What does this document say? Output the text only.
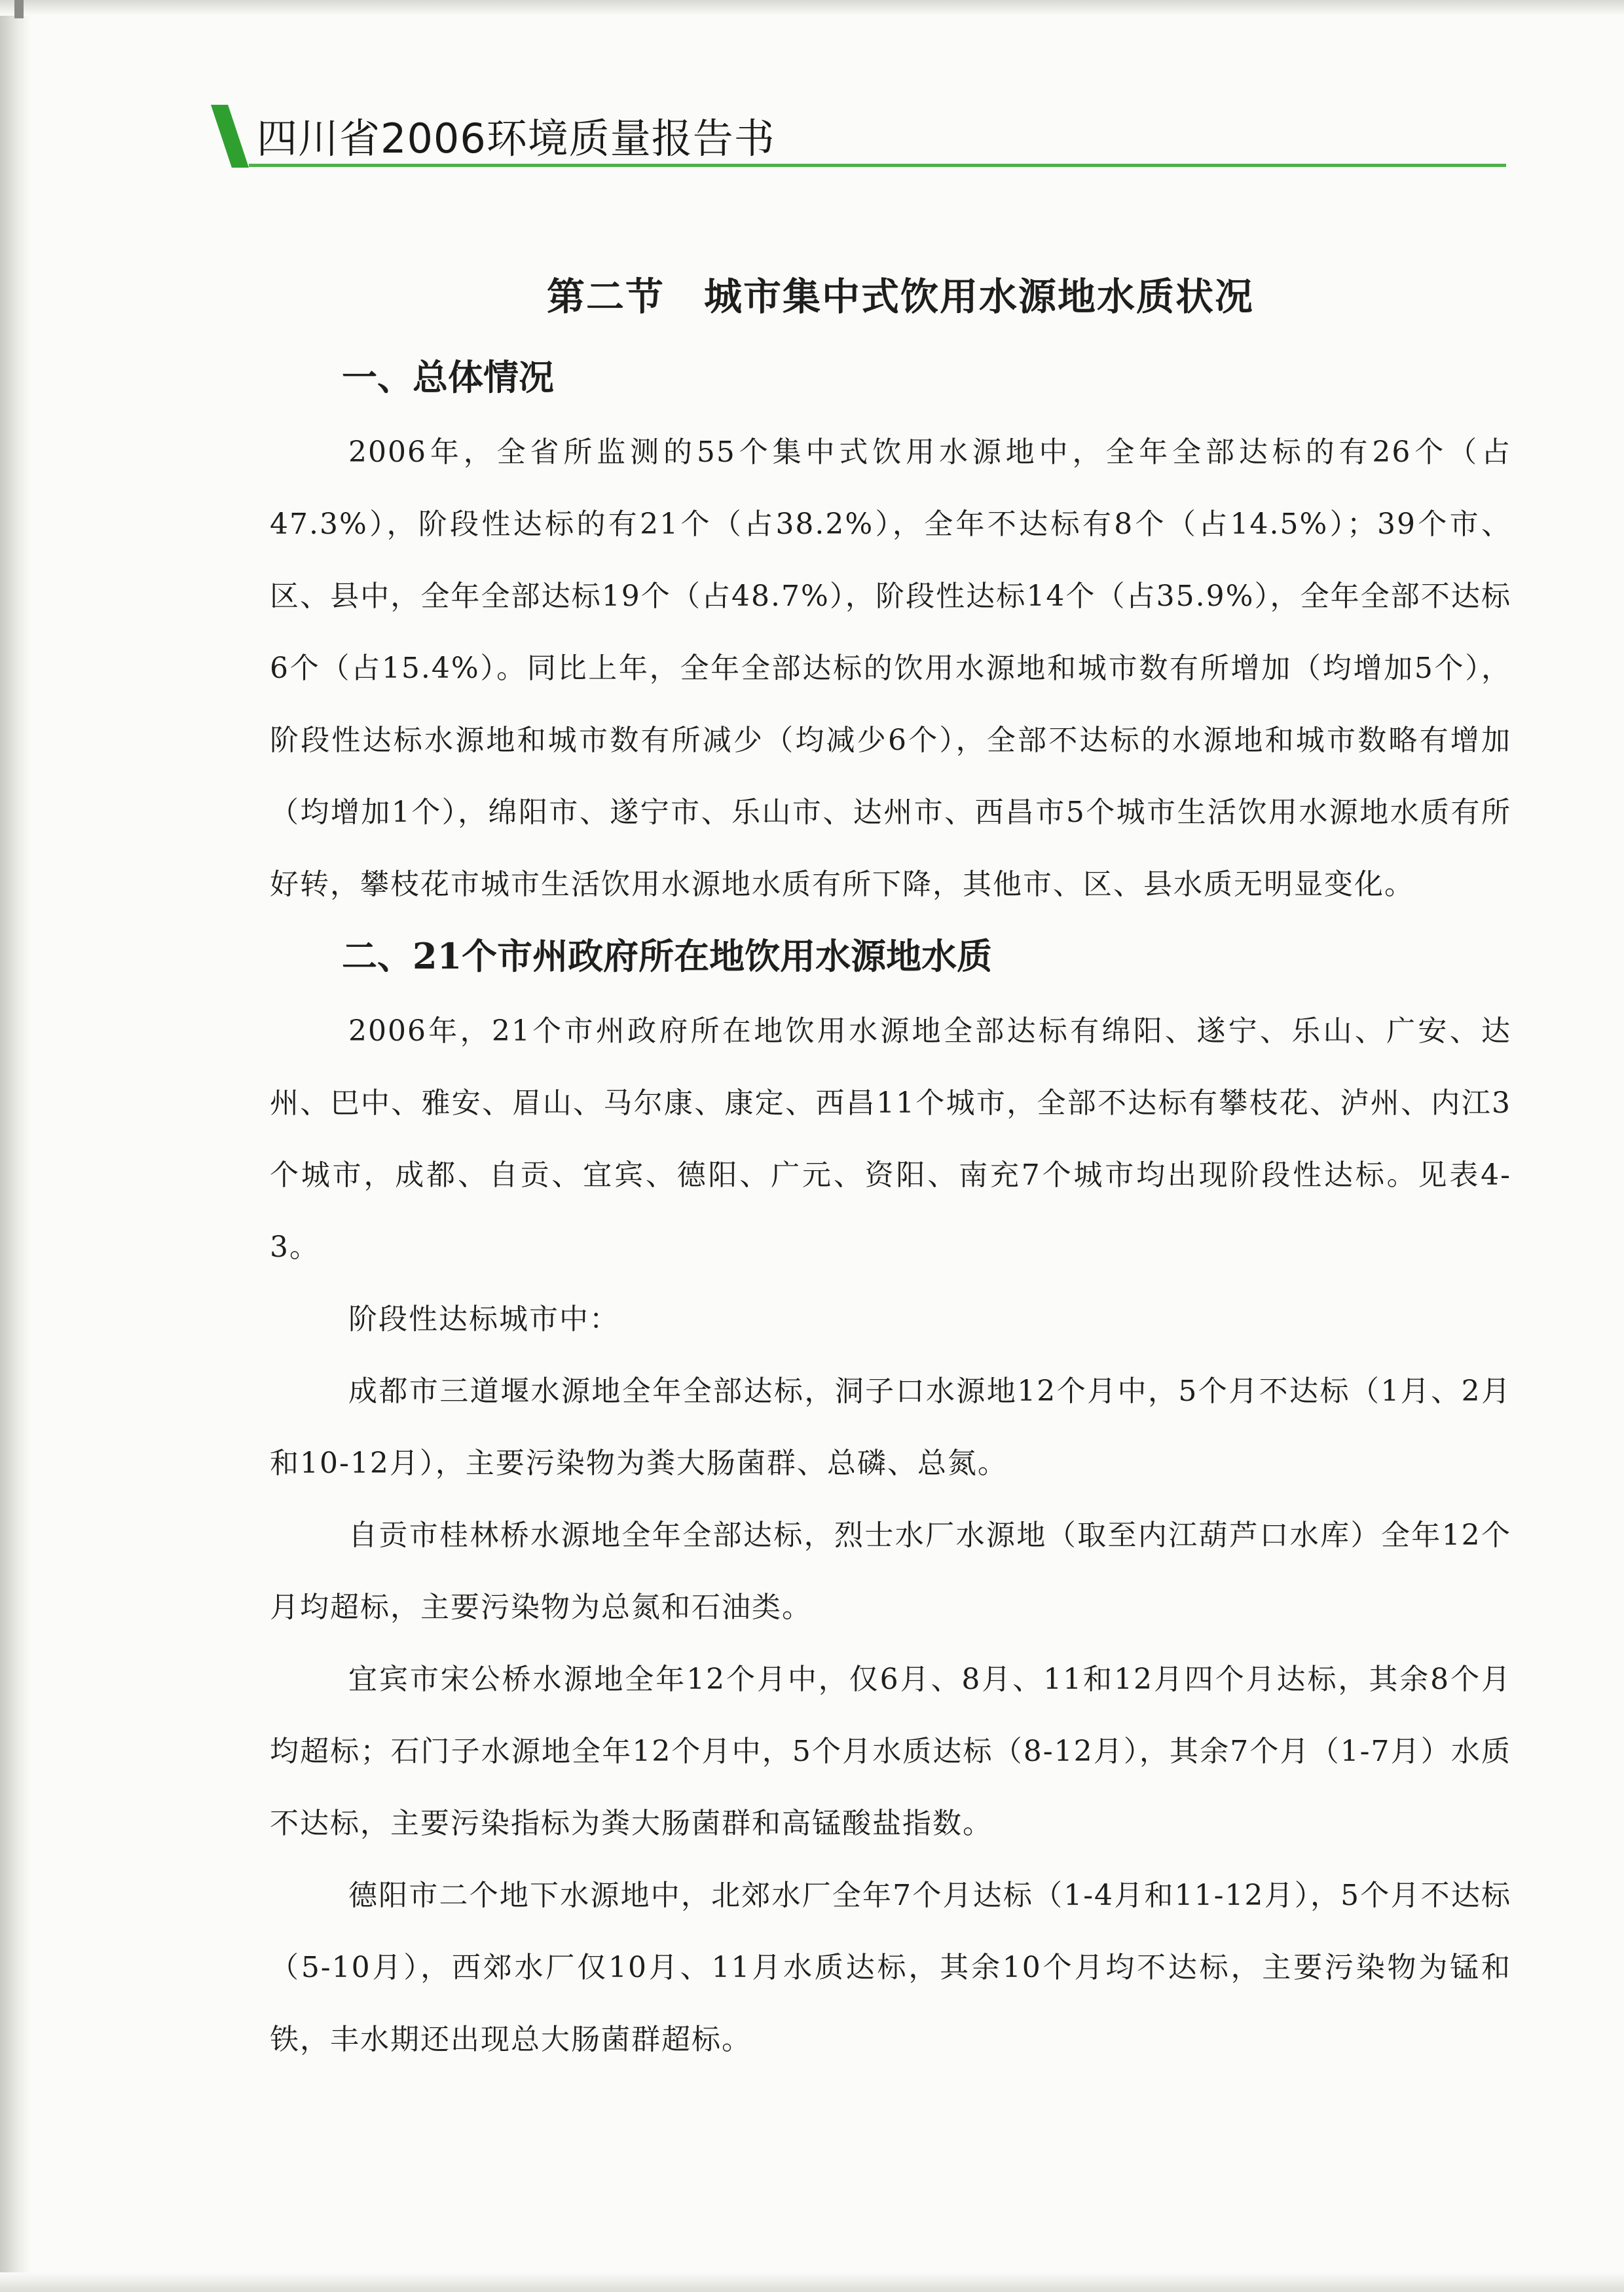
四川省2006环境质量报告书
第二节　城市集中式饮用水源地水质状况
一、总体情况

2006年，全省所监测的55个集中式饮用水源地中，全年全部达标的有26个（占47.3%），阶段性达标的有21个（占38.2%），全年不达标有8个（占14.5%）；39个市、区、县中，全年全部达标19个（占48.7%），阶段性达标14个（占35.9%），全年全部不达标6个（占15.4%）。同比上年，全年全部达标的饮用水源地和城市数有所增加（均增加5个），阶段性达标水源地和城市数有所减少（均减少6个），全部不达标的水源地和城市数略有增加（均增加1个），绵阳市、遂宁市、乐山市、达州市、西昌市5个城市生活饮用水源地水质有所好转，攀枝花市城市生活饮用水源地水质有所下降，其他市、区、县水质无明显变化。

二、21个市州政府所在地饮用水源地水质

2006年，21个市州政府所在地饮用水源地全部达标有绵阳、遂宁、乐山、广安、达州、巴中、雅安、眉山、马尔康、康定、西昌11个城市，全部不达标有攀枝花、泸州、内江3个城市，成都、自贡、宜宾、德阳、广元、资阳、南充7个城市均出现阶段性达标。见表4-3。

阶段性达标城市中：

成都市三道堰水源地全年全部达标，洞子口水源地12个月中，5个月不达标（1月、2月和10-12月），主要污染物为粪大肠菌群、总磷、总氮。

自贡市桂林桥水源地全年全部达标，烈士水厂水源地（取至内江葫芦口水库）全年12个月均超标，主要污染物为总氮和石油类。

宜宾市宋公桥水源地全年12个月中，仅6月、8月、11和12月四个月达标，其余8个月均超标；石门子水源地全年12个月中，5个月水质达标（8-12月），其余7个月（1-7月）水质不达标，主要污染指标为粪大肠菌群和高锰酸盐指数。

德阳市二个地下水源地中，北郊水厂全年7个月达标（1-4月和11-12月），5个月不达标（5-10月），西郊水厂仅10月、11月水质达标，其余10个月均不达标，主要污染物为锰和铁，丰水期还出现总大肠菌群超标。
